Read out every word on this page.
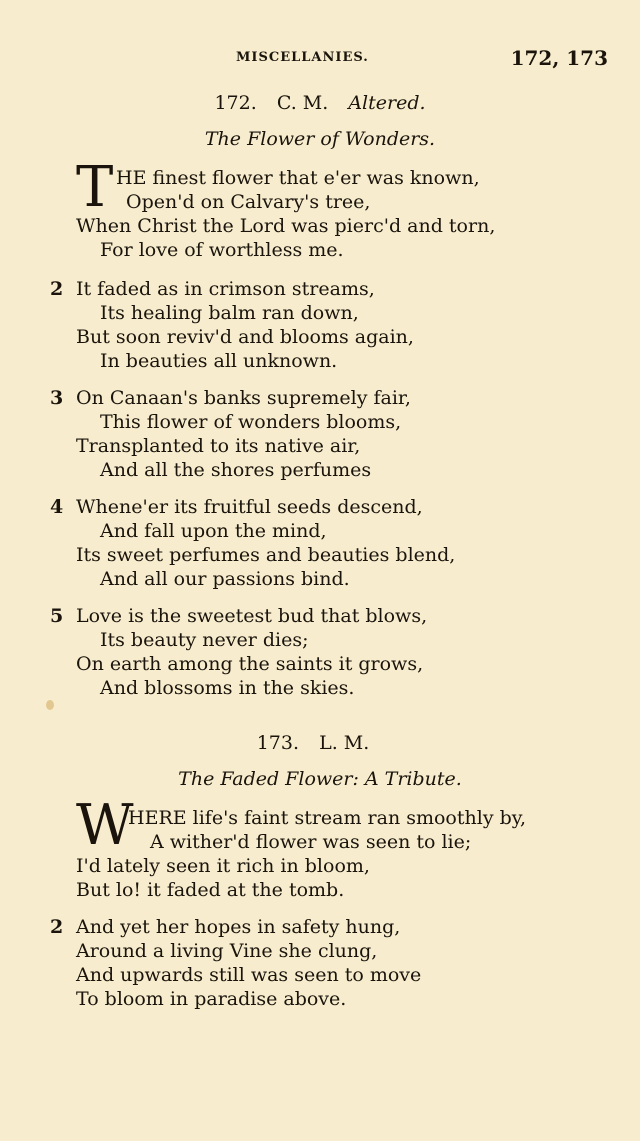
MISCELLANIES.	172, 173
172. C. M. Altered.
The Flower of Wonders.
T HE finest flower that e'er was known,
Open'd on Calvary's tree,
When Christ the Lord was pierc'd and torn,
For love of worthless me.
2 It faded as in crimson streams,
Its healing balm ran down,
But soon reviv'd and blooms again,
In beauties all unknown.
3 On Canaan's banks supremely fair,
This flower of wonders blooms,
Transplanted to its native air,
And all the shores perfumes
4 Whene'er its fruitful seeds descend,
And fall upon the mind,
Its sweet perfumes and beauties blend,
And all our passions bind.
5 Love is the sweetest bud that blows,
Its beauty never dies;
On earth among the saints it grows,
And blossoms in the skies.
173. L. M.
The Faded Flower: A Tribute.
W
HERE life's faint stream ran smoothly by,
A wither'd flower was seen to lie;
I'd lately seen it rich in bloom,
But lo! it faded at the tomb.
2 And yet her hopes in safety hung,
Around a living Vine she clung,
And upwards still was seen to move
To bloom in paradise above.
